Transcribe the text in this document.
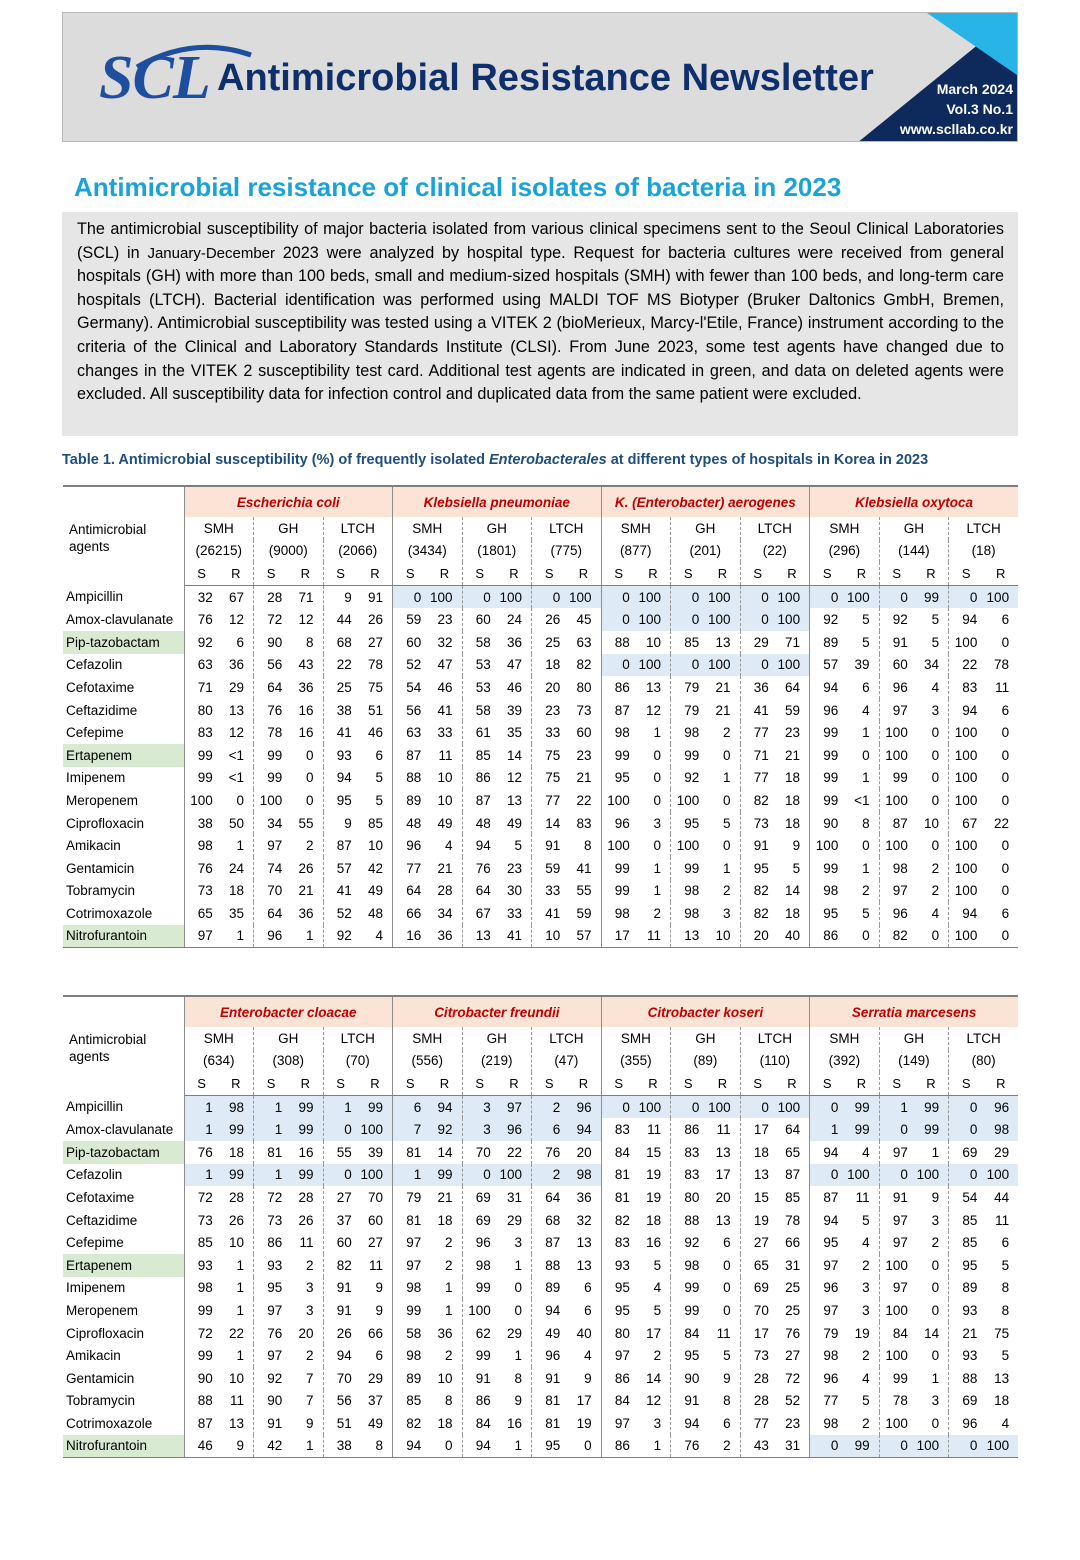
SCL Antimicrobial Resistance Newsletter	March 2024
Vol.3 No.1
www.scllab.co.kr
Antimicrobial resistance of clinical isolates of bacteria in 2023
The antimicrobial susceptibility of major bacteria isolated from various clinical specimens sent to the Seoul Clinical Laboratories (SCL) in January-December 2023 were analyzed by hospital type. Request for bacteria cultures were received from general hospitals (GH) with more than 100 beds, small and medium-sized hospitals (SMH) with fewer than 100 beds, and long-term care hospitals (LTCH). Bacterial identification was performed using MALDI TOF MS Biotyper (Bruker Daltonics GmbH, Bremen, Germany). Antimicrobial susceptibility was tested using a VITEK 2 (bioMerieux, Marcy-l'Etile, France) instrument according to the criteria of the Clinical and Laboratory Standards Institute (CLSI). From June 2023, some test agents have changed due to changes in the VITEK 2 susceptibility test card. Additional test agents are indicated in green, and data on deleted agents were excluded. All susceptibility data for infection control and duplicated data from the same patient were excluded.
Table 1. Antimicrobial susceptibility (%) of frequently isolated Enterobacterales at different types of hospitals in Korea in 2023
	Escherichia coli						Klebsiella pneumoniae						K. (Enterobacter) aerogenes						Klebsiella oxytoca					
Antimicrobial
agents	SMH		GH		LTCH		SMH		GH		LTCH		SMH		GH		LTCH		SMH		GH		LTCH	
	(26215)		(9000)		(2066)		(3434)		(1801)		(775)		(877)		(201)		(22)		(296)		(144)		(18)	
	S	R	S	R	S	R	S	R	S	R	S	R	S	R	S	R	S	R	S	R	S	R	S	R
Ampicillin	32	67	28	71	9	91	0	100	0	100	0	100	0	100	0	100	0	100	0	100	0	99	0	100
Amox-clavulanate	76	12	72	12	44	26	59	23	60	24	26	45	0	100	0	100	0	100	92	5	92	5	94	6
Pip-tazobactam	92	6	90	8	68	27	60	32	58	36	25	63	88	10	85	13	29	71	89	5	91	5	100	0
Cefazolin	63	36	56	43	22	78	52	47	53	47	18	82	0	100	0	100	0	100	57	39	60	34	22	78
Cefotaxime	71	29	64	36	25	75	54	46	53	46	20	80	86	13	79	21	36	64	94	6	96	4	83	11
Ceftazidime	80	13	76	16	38	51	56	41	58	39	23	73	87	12	79	21	41	59	96	4	97	3	94	6
Cefepime	83	12	78	16	41	46	63	33	61	35	33	60	98	1	98	2	77	23	99	1	100	0	100	0
Ertapenem	99	<1	99	0	93	6	87	11	85	14	75	23	99	0	99	0	71	21	99	0	100	0	100	0
Imipenem	99	<1	99	0	94	5	88	10	86	12	75	21	95	0	92	1	77	18	99	1	99	0	100	0
Meropenem	100	0	100	0	95	5	89	10	87	13	77	22	100	0	100	0	82	18	99	<1	100	0	100	0
Ciprofloxacin	38	50	34	55	9	85	48	49	48	49	14	83	96	3	95	5	73	18	90	8	87	10	67	22
Amikacin	98	1	97	2	87	10	96	4	94	5	91	8	100	0	100	0	91	9	100	0	100	0	100	0
Gentamicin	76	24	74	26	57	42	77	21	76	23	59	41	99	1	99	1	95	5	99	1	98	2	100	0
Tobramycin	73	18	70	21	41	49	64	28	64	30	33	55	99	1	98	2	82	14	98	2	97	2	100	0
Cotrimoxazole	65	35	64	36	52	48	66	34	67	33	41	59	98	2	98	3	82	18	95	5	96	4	94	6
Nitrofurantoin	97	1	96	1	92	4	16	36	13	41	10	57	17	11	13	10	20	40	86	0	82	0	100	0
	Enterobacter cloacae						Citrobacter freundii						Citrobacter koseri						Serratia marcesens					
Antimicrobial
agents	SMH		GH		LTCH		SMH		GH		LTCH		SMH		GH		LTCH		SMH		GH		LTCH	
	(634)		(308)		(70)		(556)		(219)		(47)		(355)		(89)		(110)		(392)		(149)		(80)	
	S	R	S	R	S	R	S	R	S	R	S	R	S	R	S	R	S	R	S	R	S	R	S	R
Ampicillin	1	98	1	99	1	99	6	94	3	97	2	96	0	100	0	100	0	100	0	99	1	99	0	96
Amox-clavulanate	1	99	1	99	0	100	7	92	3	96	6	94	83	11	86	11	17	64	1	99	0	99	0	98
Pip-tazobactam	76	18	81	16	55	39	81	14	70	22	76	20	84	15	83	13	18	65	94	4	97	1	69	29
Cefazolin	1	99	1	99	0	100	1	99	0	100	2	98	81	19	83	17	13	87	0	100	0	100	0	100
Cefotaxime	72	28	72	28	27	70	79	21	69	31	64	36	81	19	80	20	15	85	87	11	91	9	54	44
Ceftazidime	73	26	73	26	37	60	81	18	69	29	68	32	82	18	88	13	19	78	94	5	97	3	85	11
Cefepime	85	10	86	11	60	27	97	2	96	3	87	13	83	16	92	6	27	66	95	4	97	2	85	6
Ertapenem	93	1	93	2	82	11	97	2	98	1	88	13	93	5	98	0	65	31	97	2	100	0	95	5
Imipenem	98	1	95	3	91	9	98	1	99	0	89	6	95	4	99	0	69	25	96	3	97	0	89	8
Meropenem	99	1	97	3	91	9	99	1	100	0	94	6	95	5	99	0	70	25	97	3	100	0	93	8
Ciprofloxacin	72	22	76	20	26	66	58	36	62	29	49	40	80	17	84	11	17	76	79	19	84	14	21	75
Amikacin	99	1	97	2	94	6	98	2	99	1	96	4	97	2	95	5	73	27	98	2	100	0	93	5
Gentamicin	90	10	92	7	70	29	89	10	91	8	91	9	86	14	90	9	28	72	96	4	99	1	88	13
Tobramycin	88	11	90	7	56	37	85	8	86	9	81	17	84	12	91	8	28	52	77	5	78	3	69	18
Cotrimoxazole	87	13	91	9	51	49	82	18	84	16	81	19	97	3	94	6	77	23	98	2	100	0	96	4
Nitrofurantoin	46	9	42	1	38	8	94	0	94	1	95	0	86	1	76	2	43	31	0	99	0	100	0	100
